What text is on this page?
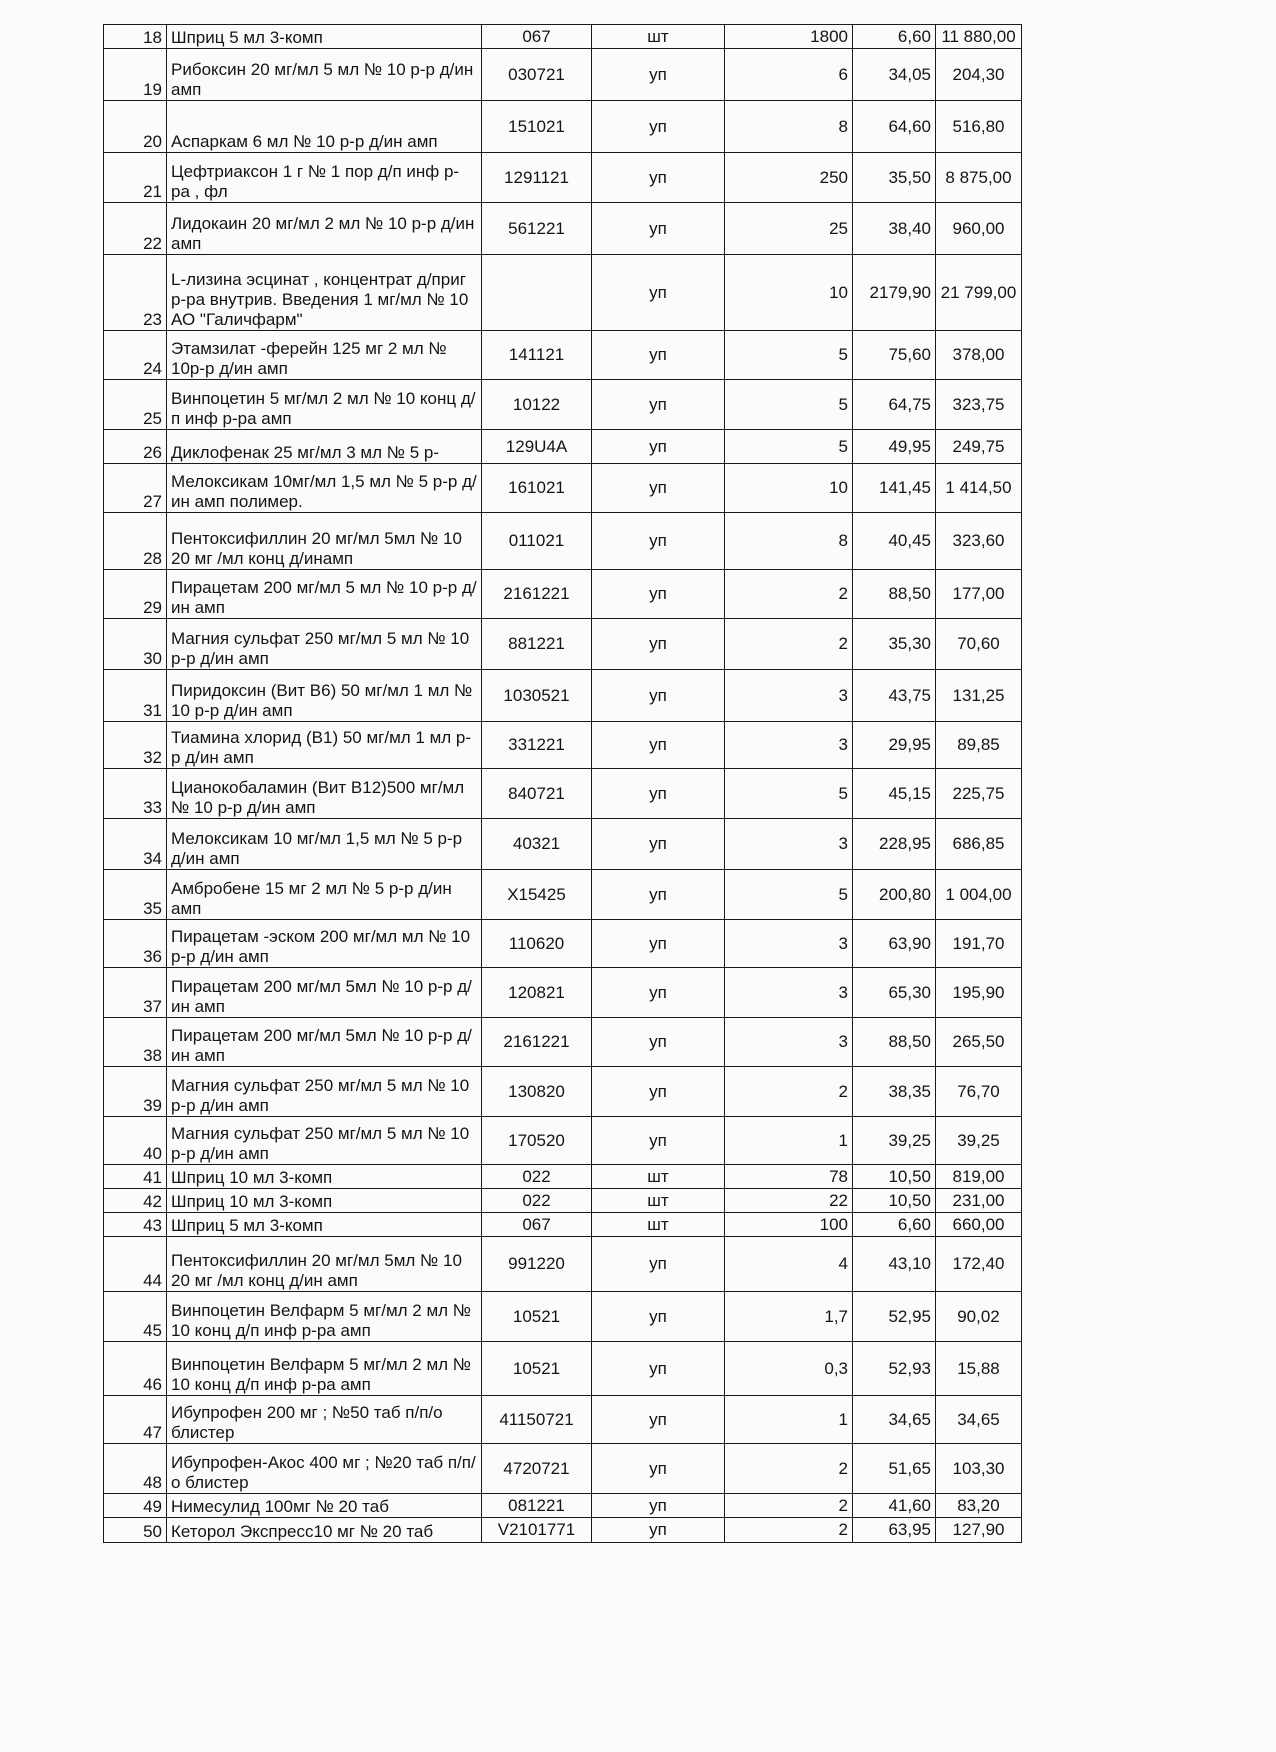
18	Шприц 5 мл 3-комп	067	шт	1800	6,60	11 880,00
19	Рибоксин 20 мг/мл 5 мл № 10 р-р д/ин амп	030721	уп	6	34,05	204,30
20	Аспаркам 6 мл № 10 р-р д/ин амп	151021	уп	8	64,60	516,80
21	Цефтриаксон 1 г № 1 пор д/п инф р-ра , фл	1291121	уп	250	35,50	8 875,00
22	Лидокаин 20 мг/мл 2 мл № 10 р-р д/ин амп	561221	уп	25	38,40	960,00
23	L-лизина эсцинат , концентрат д/приг р-ра внутрив. Введения 1 мг/мл № 10 АО "Галичфарм"		уп	10	2179,90	21 799,00
24	Этамзилат -ферейн 125 мг 2 мл № 10р-р д/ин амп	141121	уп	5	75,60	378,00
25	Винпоцетин 5 мг/мл 2 мл № 10 конц д/п инф р-ра амп	10122	уп	5	64,75	323,75
26	Диклофенак 25 мг/мл 3 мл № 5 р-	129U4A	уп	5	49,95	249,75
27	Мелоксикам 10мг/мл 1,5 мл № 5 р-р д/ин амп полимер.	161021	уп	10	141,45	1 414,50
28	Пентоксифиллин 20 мг/мл 5мл № 10 20 мг /мл конц д/инамп	011021	уп	8	40,45	323,60
29	Пирацетам 200 мг/мл 5 мл № 10 р-р д/ин амп	2161221	уп	2	88,50	177,00
30	Магния сульфат 250 мг/мл 5 мл № 10 р-р д/ин амп	881221	уп	2	35,30	70,60
31	Пиридоксин (Вит В6) 50 мг/мл 1 мл № 10 р-р д/ин амп	1030521	уп	3	43,75	131,25
32	Тиамина хлорид (В1) 50 мг/мл 1 мл р-р д/ин амп	331221	уп	3	29,95	89,85
33	Цианокобаламин (Вит В12)500 мг/мл № 10 р-р д/ин амп	840721	уп	5	45,15	225,75
34	Мелоксикам 10 мг/мл 1,5 мл № 5 р-р д/ин амп	40321	уп	3	228,95	686,85
35	Амбробене 15 мг 2 мл № 5 р-р д/ин амп	X15425	уп	5	200,80	1 004,00
36	Пирацетам -эском 200 мг/мл мл № 10 р-р д/ин амп	110620	уп	3	63,90	191,70
37	Пирацетам 200 мг/мл 5мл № 10 р-р д/ин амп	120821	уп	3	65,30	195,90
38	Пирацетам 200 мг/мл 5мл № 10 р-р д/ин амп	2161221	уп	3	88,50	265,50
39	Магния сульфат 250 мг/мл 5 мл № 10 р-р д/ин амп	130820	уп	2	38,35	76,70
40	Магния сульфат 250 мг/мл 5 мл № 10 р-р д/ин амп	170520	уп	1	39,25	39,25
41	Шприц 10 мл 3-комп	022	шт	78	10,50	819,00
42	Шприц 10 мл 3-комп	022	шт	22	10,50	231,00
43	Шприц 5 мл 3-комп	067	шт	100	6,60	660,00
44	Пентоксифиллин 20 мг/мл 5мл № 10 20 мг /мл конц д/ин амп	991220	уп	4	43,10	172,40
45	Винпоцетин Велфарм 5 мг/мл 2 мл № 10 конц д/п инф р-ра амп	10521	уп	1,7	52,95	90,02
46	Винпоцетин Велфарм 5 мг/мл 2 мл № 10 конц д/п инф р-ра амп	10521	уп	0,3	52,93	15,88
47	Ибупрофен 200 мг ; №50 таб п/п/о блистер	41150721	уп	1	34,65	34,65
48	Ибупрофен-Акос 400 мг ; №20 таб п/п/о блистер	4720721	уп	2	51,65	103,30
49	Нимесулид 100мг № 20 таб	081221	уп	2	41,60	83,20
50	Кеторол Экспресс10 мг № 20 таб	V2101771	уп	2	63,95	127,90
